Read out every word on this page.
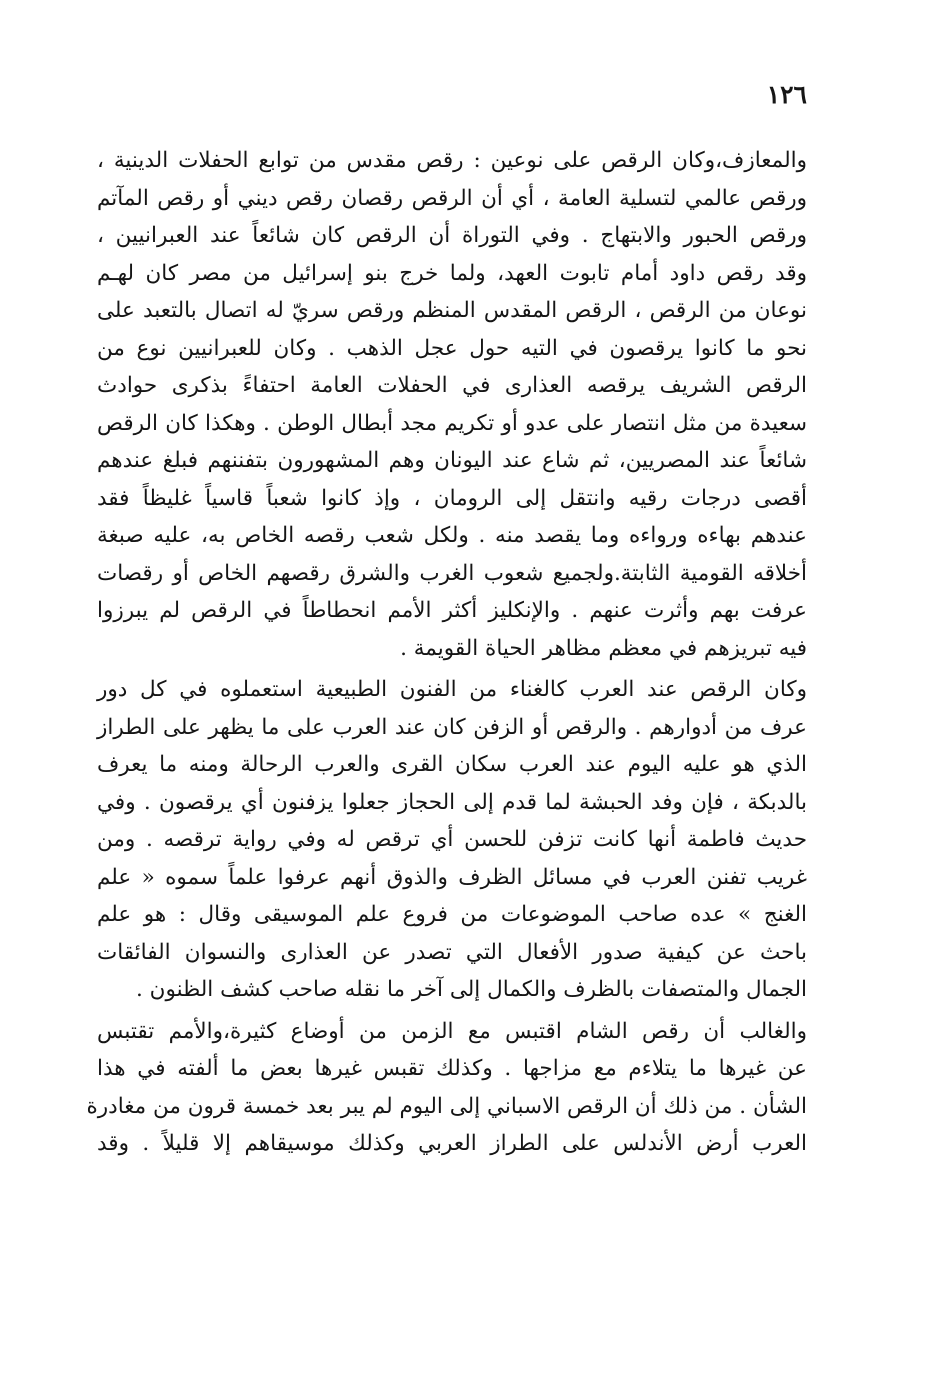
١٢٦
والمعازف،وكان الرقص على نوعين : رقص مقدس من توابع الحفلات الدينية ،
ورقص عالمي لتسلية العامة ، أي أن الرقص رقصان رقص ديني أو رقص المآتم
ورقص الحبور والابتهاج . وفي التوراة أن الرقص كان شائعاً عند العبرانيين ،
وقد رقص داود أمام تابوت العهد، ولما خرج بنو إسرائيل من مصر كان لهـم
نوعان من الرقص ، الرقص المقدس المنظم ورقص سريّ له اتصال بالتعبد على
نحو ما كانوا يرقصون في التيه حول عجل الذهب . وكان للعبرانيين نوع من
الرقص الشريف يرقصه العذارى في الحفلات العامة احتفاءً بذكرى حوادث
سعيدة من مثل انتصار على عدو أو تكريم مجد أبطال الوطن . وهكذا كان الرقص
شائعاً عند المصريين، ثم شاع عند اليونان وهم المشهورون بتفننهم فبلغ عندهم
أقصى درجات رقيه وانتقل إلى الرومان ، وإذ كانوا شعباً قاسياً غليظاً فقد
عندهم بهاءه ورواءه وما يقصد منه . ولكل شعب رقصه الخاص به، عليه صبغة
أخلاقه القومية الثابتة.ولجميع شعوب الغرب والشرق رقصهم الخاص أو رقصات
عرفت بهم وأثرت عنهم . والإنكليز أكثر الأمم انحطاطاً في الرقص لم يبرزوا
فيه تبريزهم في معظم مظاهر الحياة القويمة .
وكان الرقص عند العرب كالغناء من الفنون الطبيعية استعملوه في كل دور
عرف من أدوارهم . والرقص أو الزفن كان عند العرب على ما يظهر على الطراز
الذي هو عليه اليوم عند العرب سكان القرى والعرب الرحالة ومنه ما يعرف
بالدبكة ، فإن وفد الحبشة لما قدم إلى الحجاز جعلوا يزفنون أي يرقصون . وفي
حديث فاطمة أنها كانت تزفن للحسن أي ترقص له وفي رواية ترقصه . ومن
غريب تفنن العرب في مسائل الظرف والذوق أنهم عرفوا علماً سموه « علم
الغنج » عده صاحب الموضوعات من فروع علم الموسيقى وقال : هو علم
باحث عن كيفية صدور الأفعال التي تصدر عن العذارى والنسوان الفائقات
الجمال والمتصفات بالظرف والكمال إلى آخر ما نقله صاحب كشف الظنون .
والغالب أن رقص الشام اقتبس مع الزمن من أوضاع كثيرة،والأمم تقتبس
عن غيرها ما يتلاءم مع مزاجها . وكذلك تقبس غيرها بعض ما ألفته في هذا
الشأن . من ذلك أن الرقص الاسباني إلى اليوم لم يبر بعد خمسة قرون من مغادرة
العرب أرض الأندلس على الطراز العربي وكذلك موسيقاهم إلا قليلاً . وقد
